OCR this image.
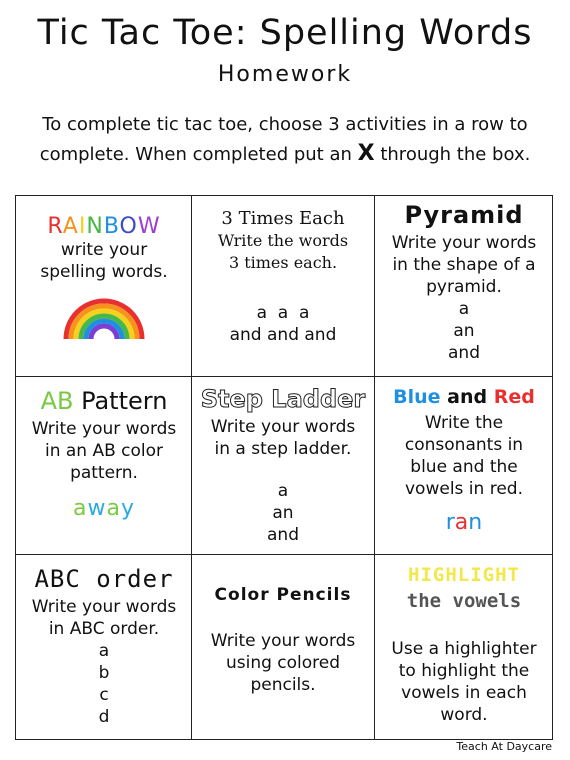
Tic Tac Toe: Spelling Words
Homework
To complete tic tac toe, choose 3 activities in a row to
complete. When completed put an X through the box.
RAINBOW
write your
spelling words.
3 Times Each
Write the words
3 times each.
a  a  a
and and and
Pyramid
Write your words
in the shape of a
pyramid.
a
an
and
AB Pattern
Write your words
in an AB color
pattern.
away
Step Ladder
Write your words
in a step ladder.
a
an
and
Blue and Red
Write the
consonants in
blue and the
vowels in red.
ran
ABC order
Write your words
in ABC order.
a
b
c
d
Color Pencils
Write your words
using colored
pencils.
HIGHLIGHT
the vowels
Use a highlighter
to highlight the
vowels in each
word.
Teach At Daycare
